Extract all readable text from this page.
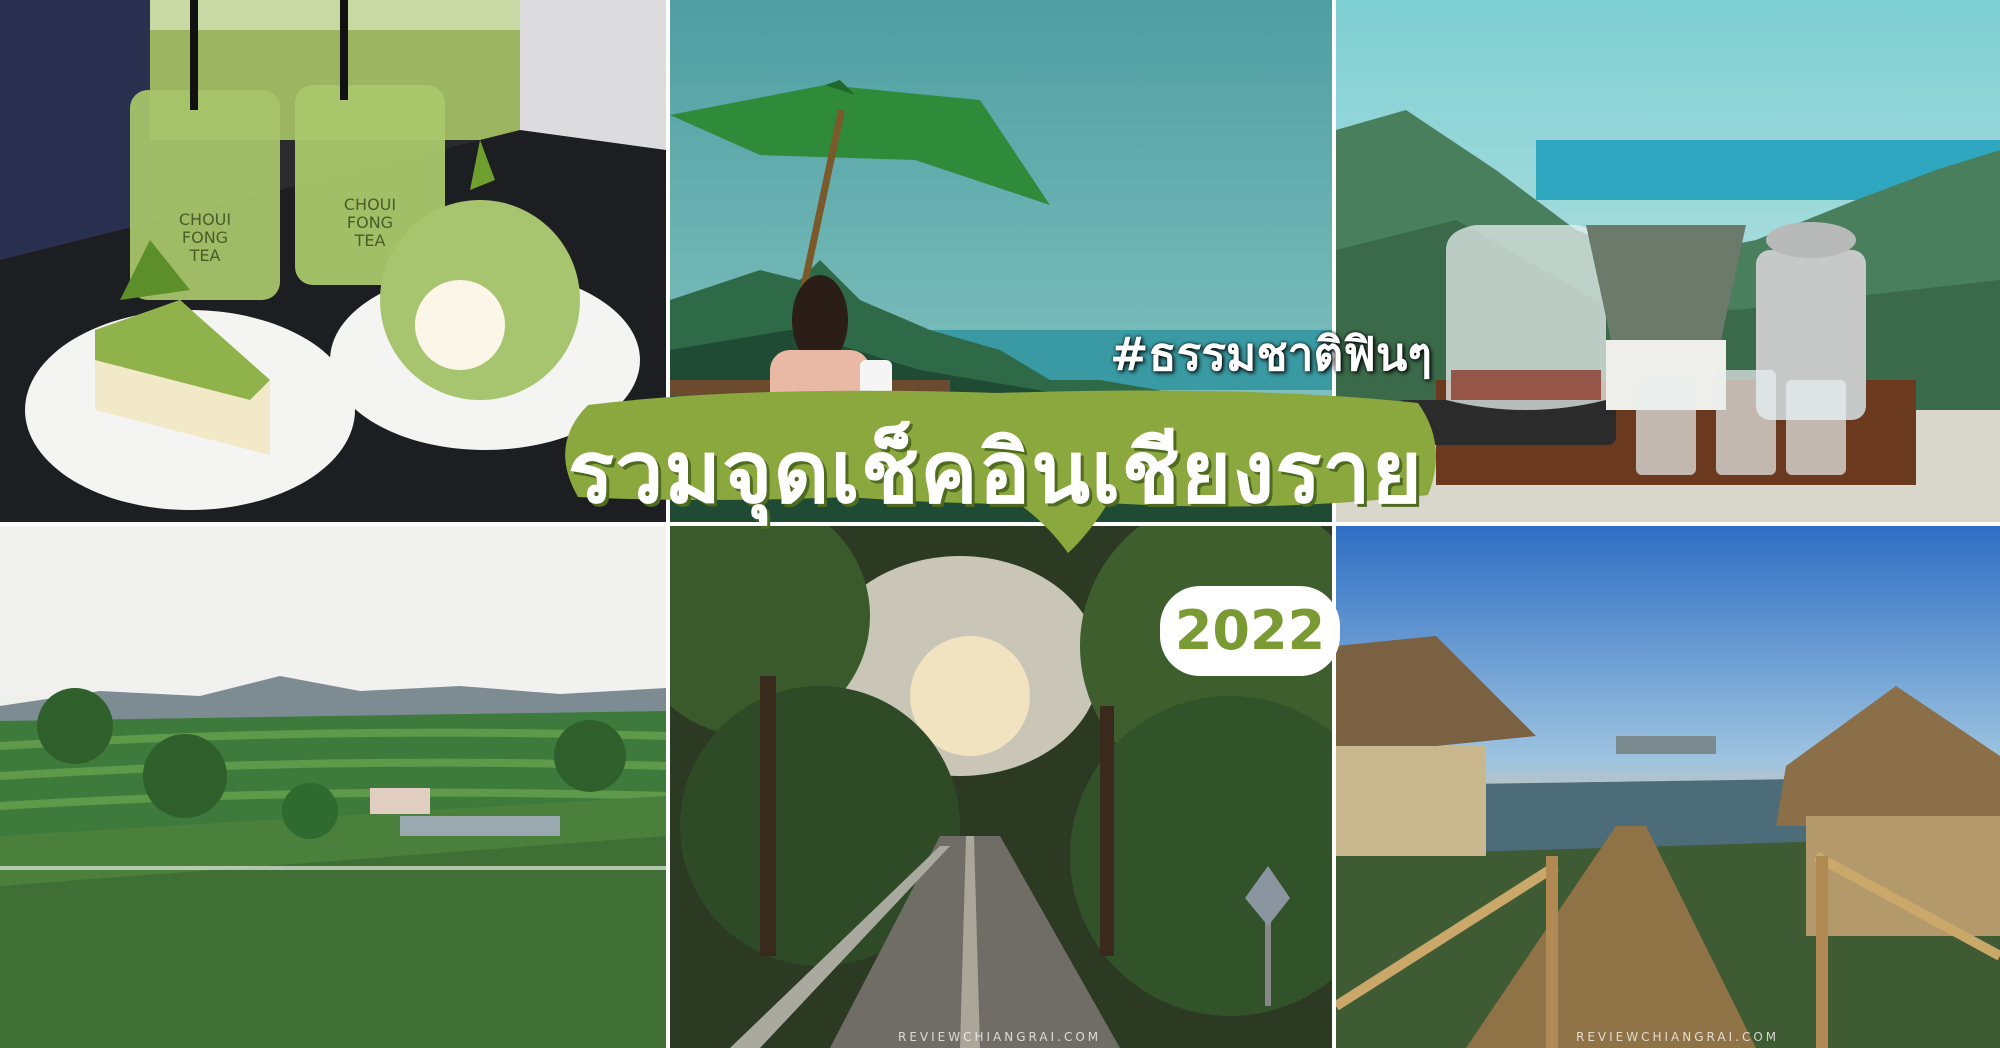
CHOUI
FONG
TEA
CHOUI
FONG
TEA
#ธรรมชาติฟินๆ
รวมจุดเช็คอินเชียงราย
2022
REVIEWCHIANGRAI.COM	REVIEWCHIANGRAI.COM
